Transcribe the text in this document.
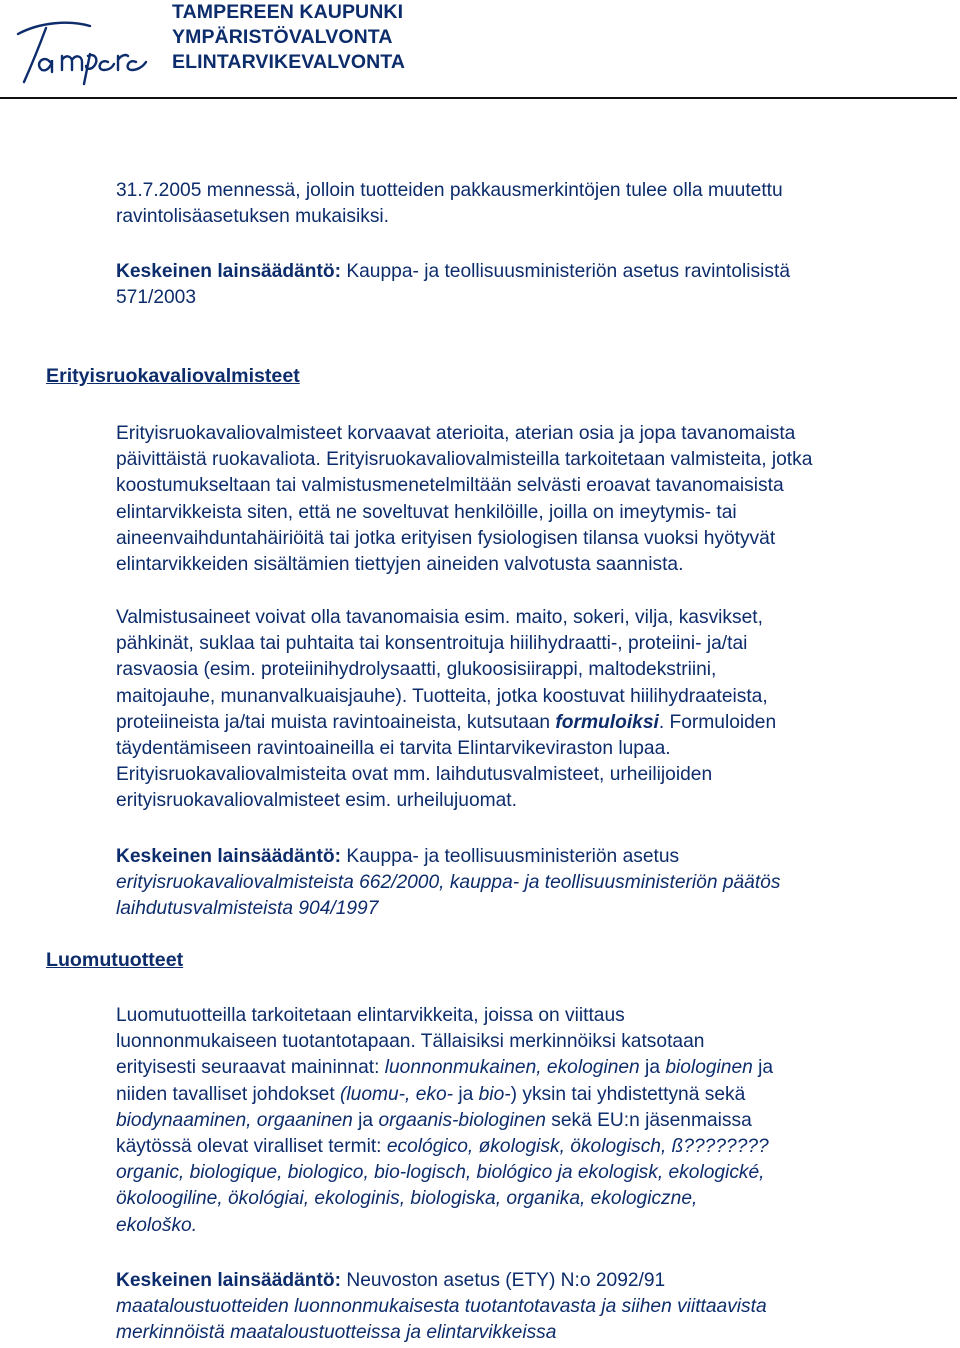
Tampere	TAMPEREEN KAUPUNKI
YMPÄRISTÖVALVONTA
ELINTARVIKEVALVONTA

31.7.2005 mennessä, jolloin tuotteiden pakkausmerkintöjen tulee olla muutettu
ravintolisäasetuksen mukaisiksi.

Keskeinen lainsäädäntö: Kauppa- ja teollisuusministeriön asetus ravintolisistä
571/2003

Erityisruokavaliovalmisteet

Erityisruokavaliovalmisteet korvaavat aterioita, aterian osia ja jopa tavanomaista
päivittäistä ruokavaliota. Erityisruokavaliovalmisteilla tarkoitetaan valmisteita, jotka
koostumukseltaan tai valmistusmenetelmiltään selvästi eroavat tavanomaisista
elintarvikkeista siten, että ne soveltuvat henkilöille, joilla on imeytymis- tai
aineenvaihduntahäiriöitä tai jotka erityisen fysiologisen tilansa vuoksi hyötyvät
elintarvikkeiden sisältämien tiettyjen aineiden valvotusta saannista.

Valmistusaineet voivat olla tavanomaisia esim. maito, sokeri, vilja, kasvikset,
pähkinät, suklaa tai puhtaita tai konsentroituja hiilihydraatti-, proteiini- ja/tai
rasvaosia (esim. proteiinihydrolysaatti, glukoosisiirappi, maltodekstriini,
maitojauhe, munanvalkuaisjauhe). Tuotteita, jotka koostuvat hiilihydraateista,
proteiineista ja/tai muista ravintoaineista, kutsutaan formuloiksi. Formuloiden
täydentämiseen ravintoaineilla ei tarvita Elintarvikeviraston lupaa.
Erityisruokavaliovalmisteita ovat mm. laihdutusvalmisteet, urheilijoiden
erityisruokavaliovalmisteet esim. urheilujuomat.

Keskeinen lainsäädäntö: Kauppa- ja teollisuusministeriön asetus
erityisruokavaliovalmisteista 662/2000, kauppa- ja teollisuusministeriön päätös
laihdutusvalmisteista 904/1997

Luomutuotteet

Luomutuotteilla tarkoitetaan elintarvikkeita, joissa on viittaus
luonnonmukaiseen tuotantotapaan. Tällaisiksi merkinnöiksi katsotaan
erityisesti seuraavat maininnat: luonnonmukainen, ekologinen ja biologinen ja
niiden tavalliset johdokset (luomu-, eko- ja bio-) yksin tai yhdistettynä sekä
biodynaaminen, orgaaninen ja orgaanis-biologinen sekä EU:n jäsenmaissa
käytössä olevat viralliset termit: ecológico, økologisk, ökologisch, ß????????
organic, biologique, biologico, bio-logisch, biológico ja ekologisk, ekologické,
ökoloogiline, ökológiai, ekologinis, biologiska, organika, ekologiczne,
ekološko.

Keskeinen lainsäädäntö: Neuvoston asetus (ETY) N:o 2092/91
maataloustuotteiden luonnonmukaisesta tuotantotavasta ja siihen viittaavista
merkinnöistä maataloustuotteissa ja elintarvikkeissa
